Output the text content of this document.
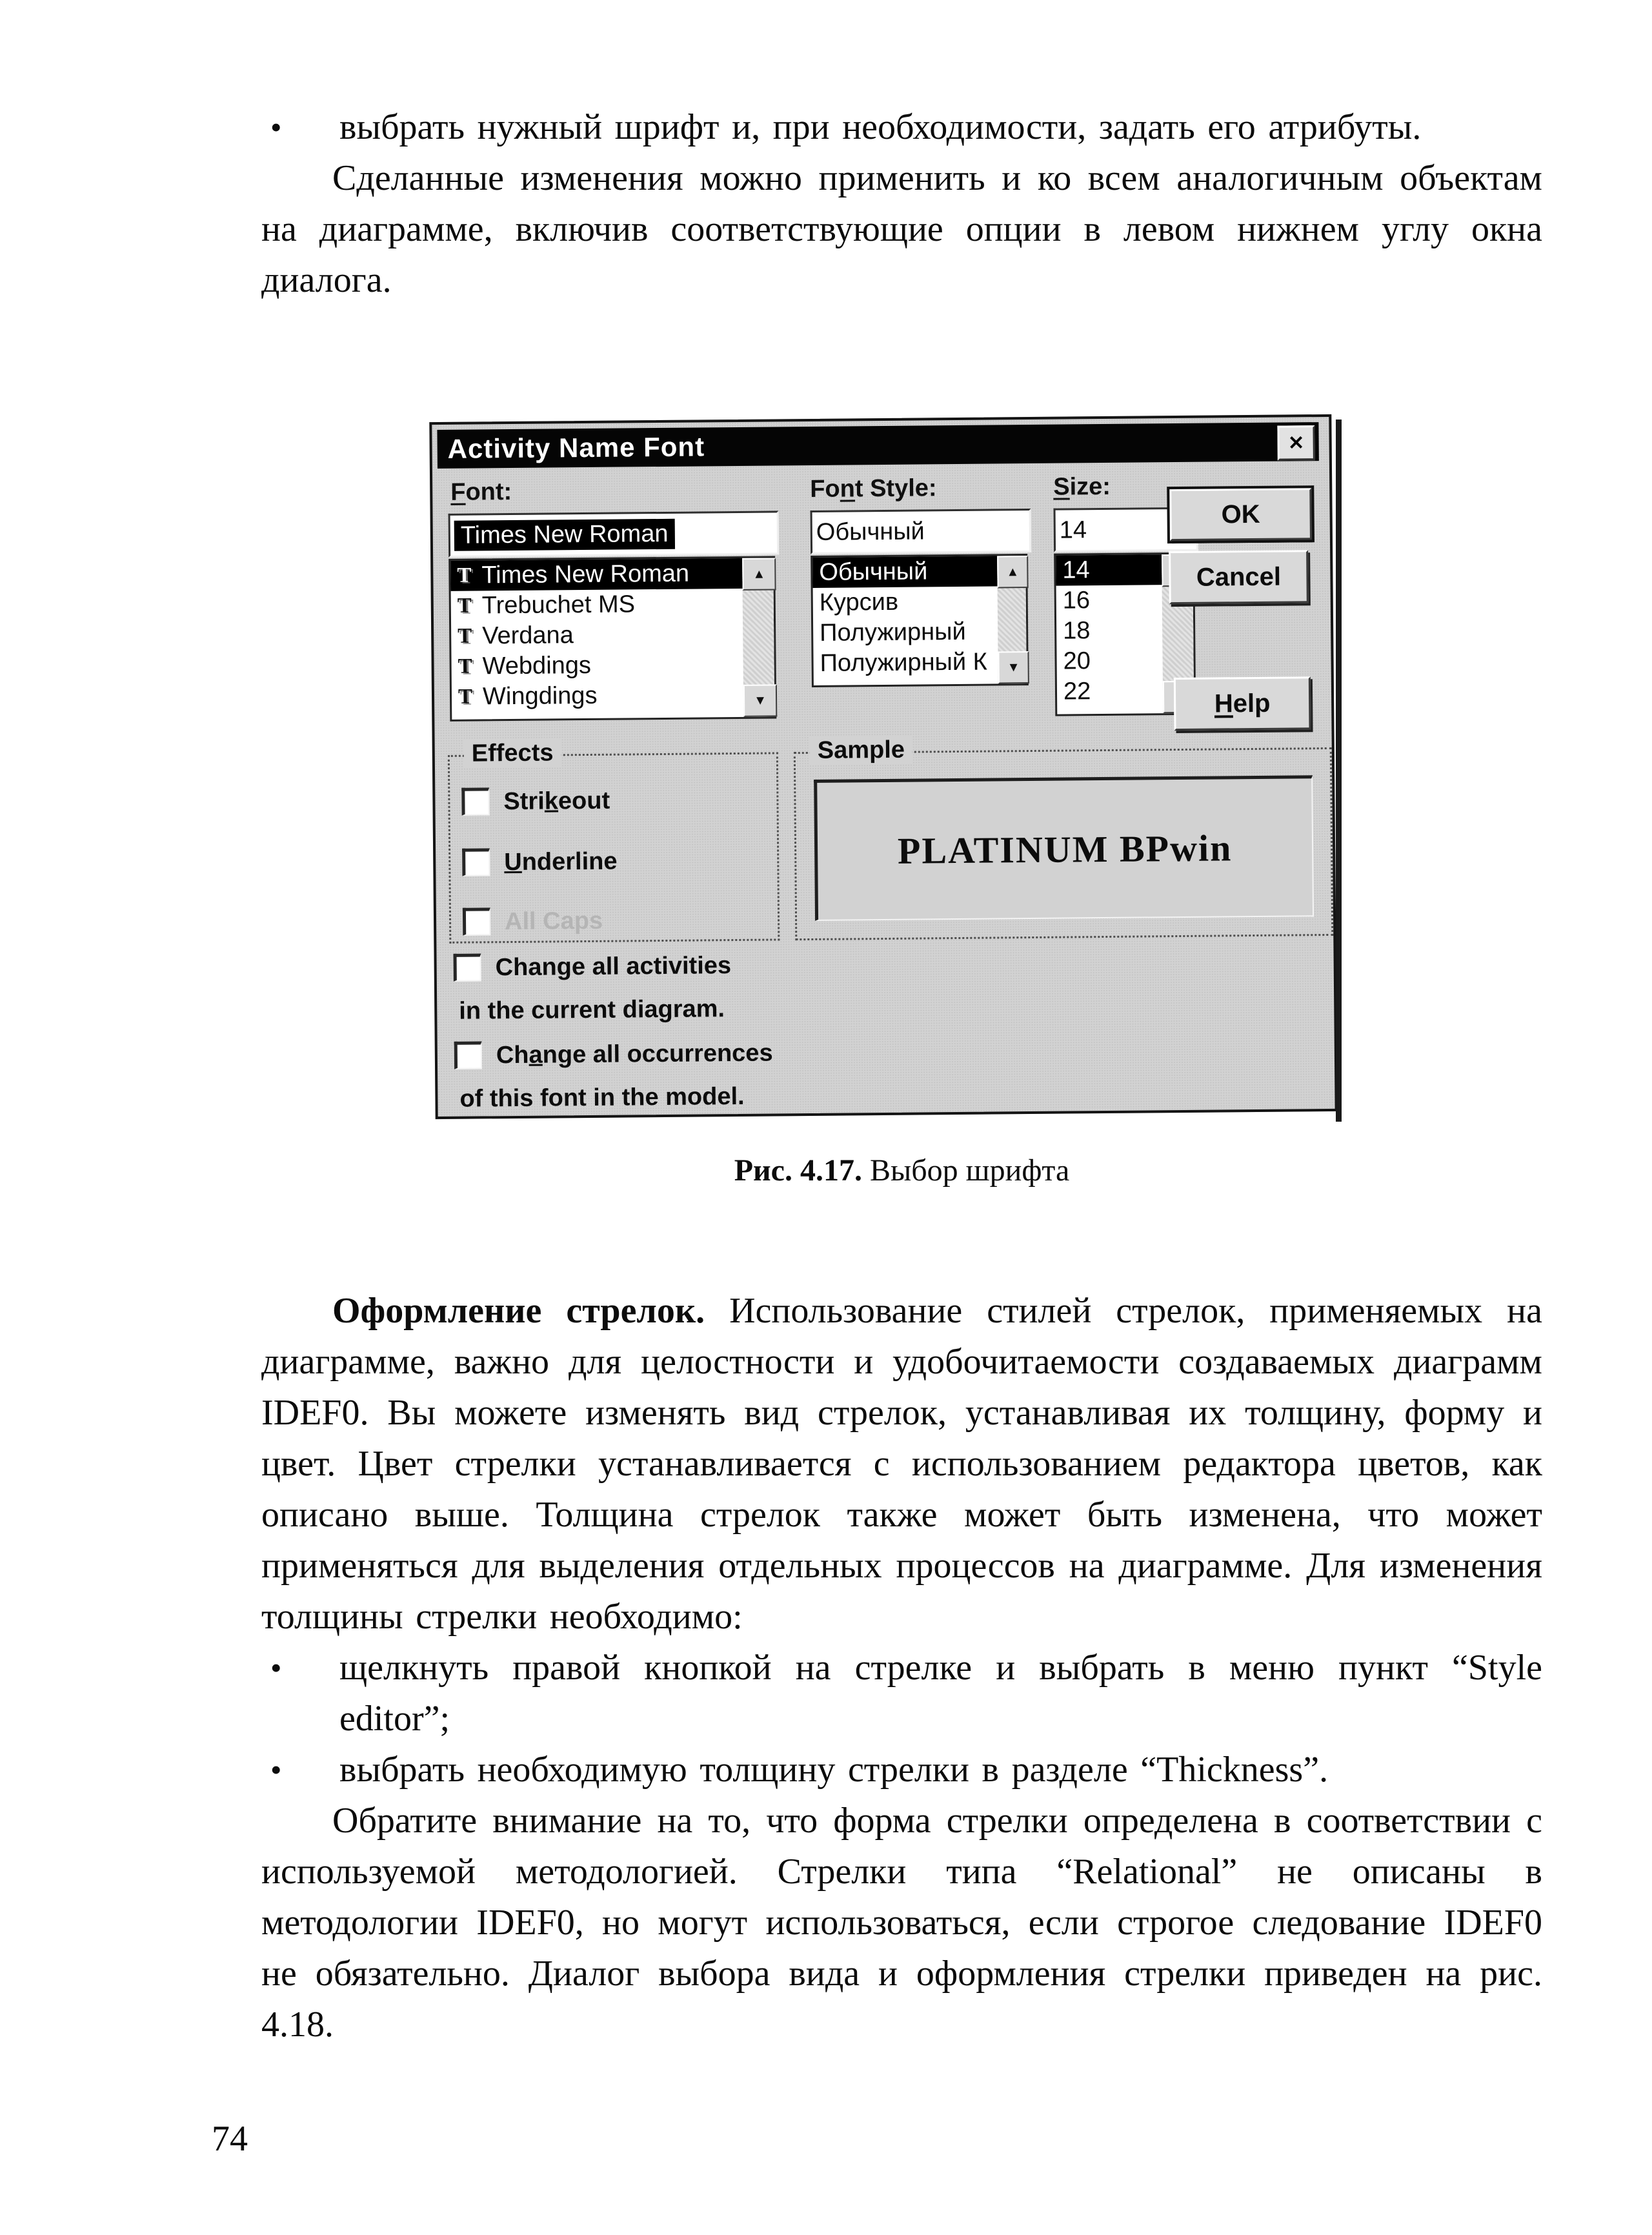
• выбрать нужный шрифт и, при необходимости, задать его атрибуты.

Сделанные изменения можно применить и ко всем аналогичным объектам на диаграмме, включив соответствующие опции в левом нижнем углу окна диалога.

Activity Name Font	✕
Font:	Font Style:	Size:
Times New Roman	Обычный	14
T Times New Roman
T Trebuchet MS
T Verdana
T Webdings
T Wingdings
▲
▼
Обычный
Курсив
Полужирный
Полужирный К
▲
▼
14
16
18
20
22
OK
Cancel
Help
Effects
Strikeout
Underline
All Caps
Sample
PLATINUM BPwin
Change all activities
in the current diagram.
Change all occurrences
of this font in the model.
Рис. 4.17. Выбор шрифта

Оформление стрелок. Использование стилей стрелок, применяемых на диаграмме, важно для целостности и удобочитаемости создаваемых диаграмм IDEF0. Вы можете изменять вид стрелок, устанавливая их толщину, форму и цвет. Цвет стрелки устанавливается с использованием редактора цветов, как описано выше. Толщина стрелок также может быть изменена, что может применяться для выделения отдельных процессов на диаграмме. Для изменения толщины стрелки необходимо:

• щелкнуть правой кнопкой на стрелке и выбрать в меню пункт “Style editor”;
• выбрать необходимую толщину стрелки в разделе “Thickness”.

Обратите внимание на то, что форма стрелки определена в соответствии с используемой методологией. Стрелки типа “Relational” не описаны в методологии IDEF0, но могут использоваться, если строгое следование IDEF0 не обязательно. Диалог выбора вида и оформления стрелки приведен на рис. 4.18.

74
